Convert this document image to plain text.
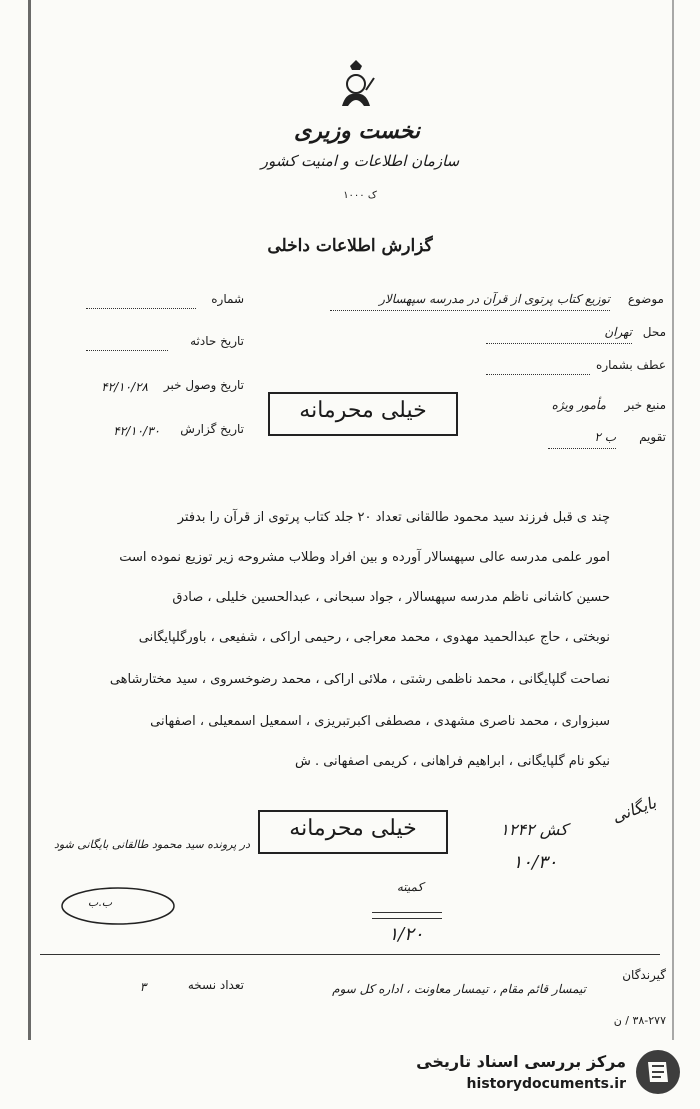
نخست وزیری
سازمان اطلاعات و امنیت کشور
ک ۱۰۰۰
گزارش اطلاعات داخلی
موضوع
توزیع کتاب پرتوی از قرآن در مدرسه سپهسالار
محل
تهران
عطف بشماره
منبع خبر
مأمور ویژه
تقویم
ب ۲
شماره
تاریخ حادثه
تاریخ وصول خبر
۴۲/۱۰/۲۸
تاریخ گزارش
۴۲/۱۰/۳۰
خیلی محرمانه
چند ی قبل فرزند سید محمود طالقانی تعداد ۲۰ جلد کتاب پرتوی از قرآن را بدفتر
امور علمی مدرسه عالی سپهسالار آورده و بین افراد وطلاب مشروحه زیر توزیع نموده است
حسین کاشانی ناظم مدرسه سپهسالار ، جواد سبحانی ، عبدالحسین خلیلی ، صادق
نوبختی ، حاج عبدالحمید مهدوی ، محمد معراجی ، رحیمی اراکی ، شفیعی ، باورگلپایگانی
نصاحت گلپایگانی ، محمد ناظمی رشتی ، ملائی اراکی ، محمد رضوخسروی ، سید مختارشاهی
سبزواری ، محمد ناصری مشهدی ، مصطفی اکبرتبریزی ، اسمعیل اسمعیلی ، اصفهانی
نیکو نام گلپایگانی ، ابراهیم فراهانی ، کریمی اصفهانی . ش
در پرونده سید محمود طالقانی بایگانی شود
ب.ب
خیلی محرمانه
کمیته
۱/۲۰
کش ۱۲۴۲
۱۰/۳۰
بایگانی
گیرندگان
تیمسار قائم مقام ، تیمسار معاونت ، اداره کل سوم
تعداد نسخه
۳
۳۸-۲۷۷ / ن
مرکز بررسی اسناد تاریخی
historydocuments.ir
